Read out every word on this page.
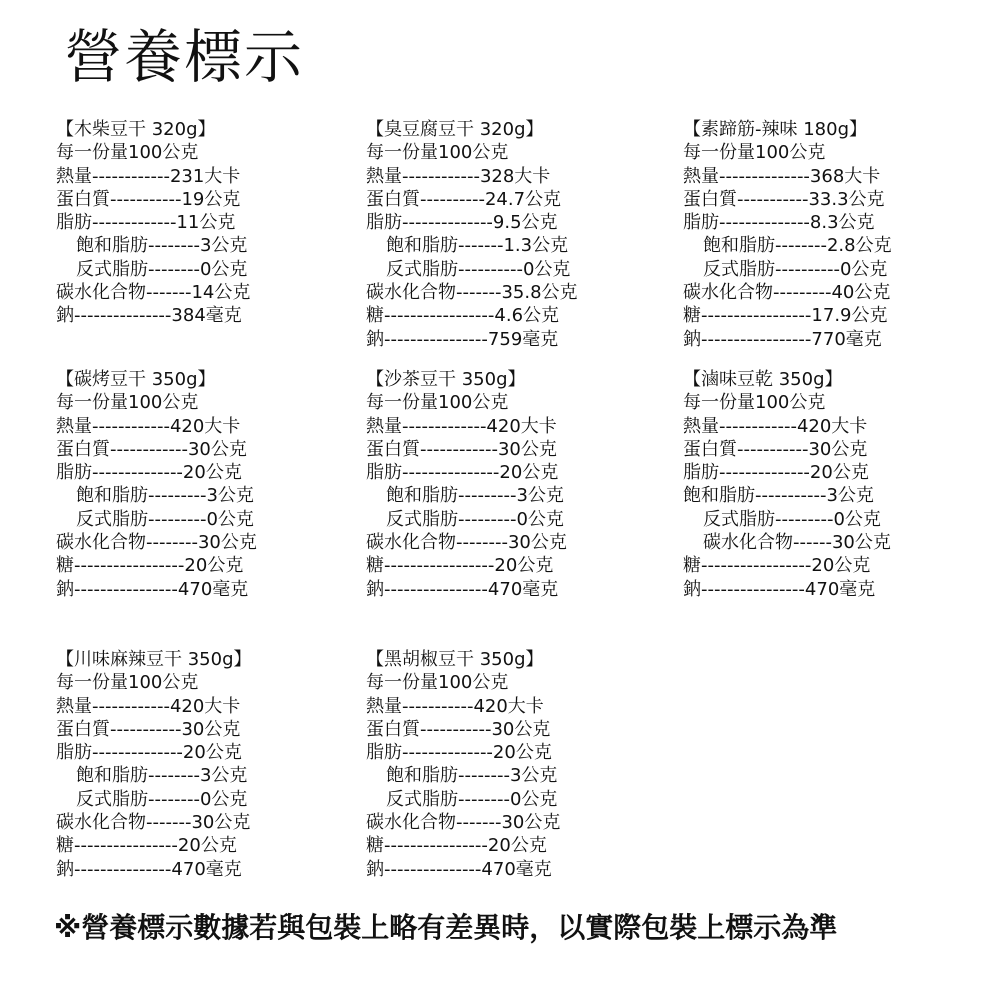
營養標示
【木柴豆干 320g】
每一份量100公克
熱量------------231大卡
蛋白質-----------19公克
脂肪-------------11公克
飽和脂肪--------3公克
反式脂肪--------0公克
碳水化合物-------14公克
鈉---------------384毫克
【臭豆腐豆干 320g】
每一份量100公克
熱量------------328大卡
蛋白質----------24.7公克
脂肪--------------9.5公克
飽和脂肪-------1.3公克
反式脂肪----------0公克
碳水化合物-------35.8公克
糖-----------------4.6公克
鈉----------------759毫克
【素蹄筋-辣味 180g】
每一份量100公克
熱量--------------368大卡
蛋白質-----------33.3公克
脂肪--------------8.3公克
飽和脂肪--------2.8公克
反式脂肪----------0公克
碳水化合物---------40公克
糖-----------------17.9公克
鈉-----------------770毫克
【碳烤豆干 350g】
每一份量100公克
熱量------------420大卡
蛋白質------------30公克
脂肪--------------20公克
飽和脂肪---------3公克
反式脂肪---------0公克
碳水化合物--------30公克
糖-----------------20公克
鈉----------------470毫克
【沙茶豆干 350g】
每一份量100公克
熱量-------------420大卡
蛋白質------------30公克
脂肪---------------20公克
飽和脂肪---------3公克
反式脂肪---------0公克
碳水化合物--------30公克
糖-----------------20公克
鈉----------------470毫克
【滷味豆乾 350g】
每一份量100公克
熱量------------420大卡
蛋白質-----------30公克
脂肪--------------20公克
飽和脂肪-----------3公克
反式脂肪---------0公克
碳水化合物------30公克
糖-----------------20公克
鈉----------------470毫克
【川味麻辣豆干 350g】
每一份量100公克
熱量------------420大卡
蛋白質-----------30公克
脂肪--------------20公克
飽和脂肪--------3公克
反式脂肪--------0公克
碳水化合物-------30公克
糖----------------20公克
鈉---------------470毫克
【黑胡椒豆干 350g】
每一份量100公克
熱量-----------420大卡
蛋白質-----------30公克
脂肪--------------20公克
飽和脂肪--------3公克
反式脂肪--------0公克
碳水化合物-------30公克
糖----------------20公克
鈉---------------470毫克
※營養標示數據若與包裝上略有差異時，以實際包裝上標示為準
